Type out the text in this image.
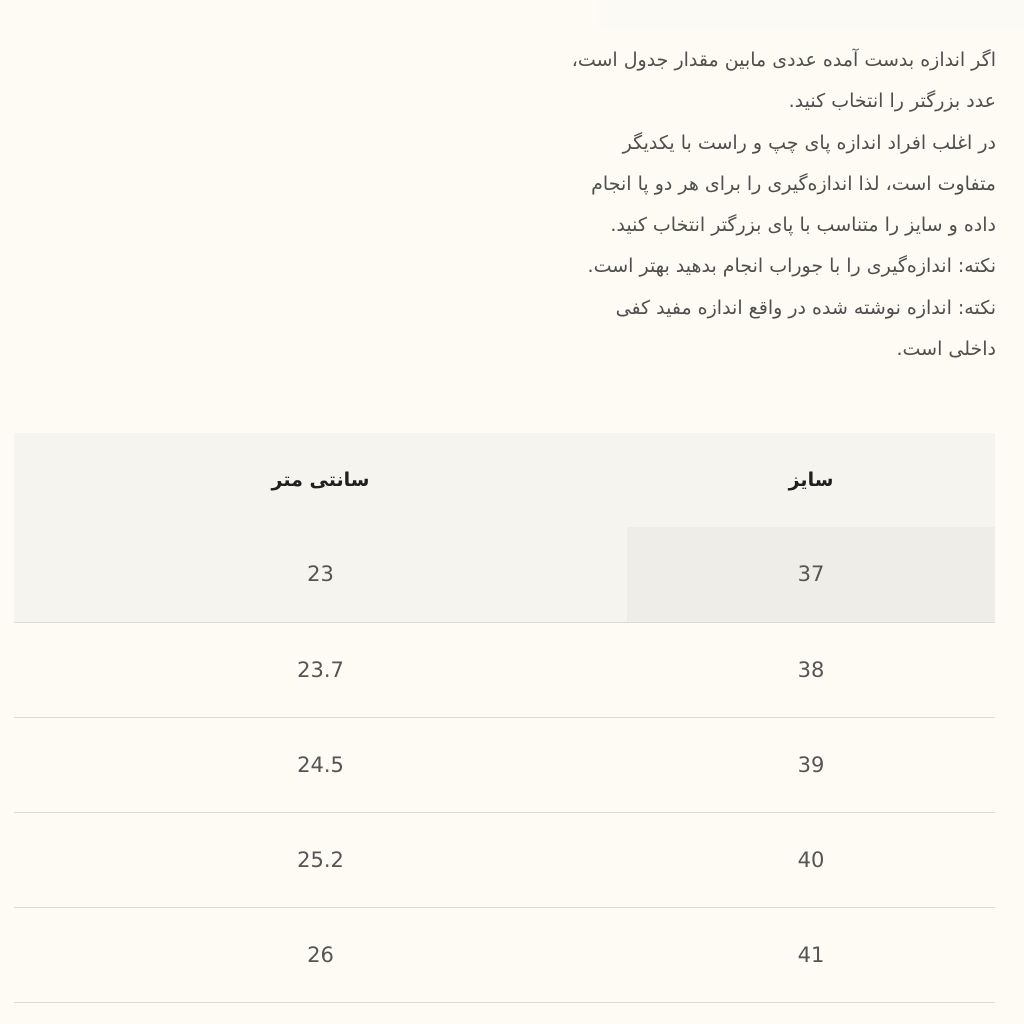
اگر اندازه بدست آمده عددی مابین مقدار جدول است،
عدد بزرگتر را انتخاب کنید.
در اغلب افراد اندازه پای چپ و راست با یکدیگر
متفاوت است، لذا اندازه‌گیری را برای هر دو پا انجام
داده و سایز را متناسب با پای بزرگتر انتخاب کنید.
نکته: اندازه‌گیری را با جوراب انجام بدهید بهتر است.
نکته: اندازه نوشته شده در واقع اندازه مفید کفی
داخلی است.
سانتی متر	سایز
23	37
23.7	38
24.5	39
25.2	40
26	41
